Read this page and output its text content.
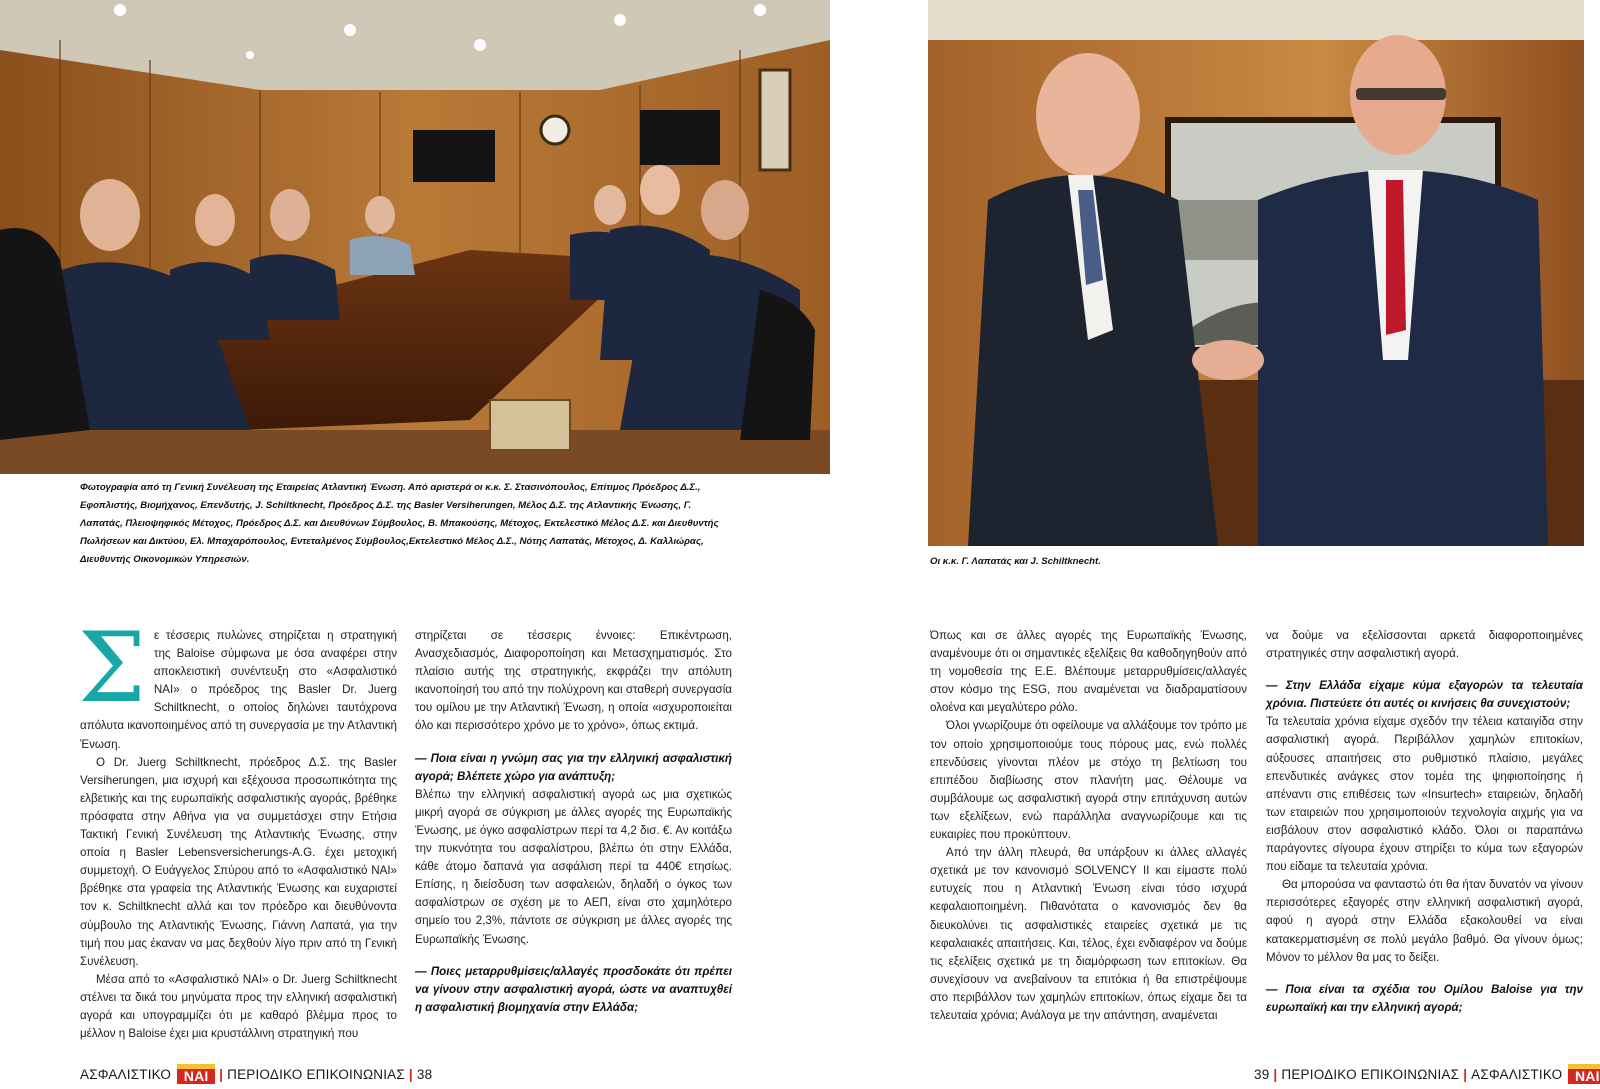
Φωτογραφία από τη Γενική Συνέλευση της Εταιρείας Ατλαντική Ένωση. Από αριστερά οι κ.κ. Σ. Στασινόπουλος, Επίτιμος Πρόεδρος Δ.Σ., Εφοπλιστής, Βιομήχανος, Επενδυτής, J. Schiltknecht, Πρόεδρος Δ.Σ. της Basler Versiherungen, Μέλος Δ.Σ. της Ατλαντικής Ένωσης, Γ. Λαπατάς, Πλειοψηφικός Μέτοχος, Πρόεδρος Δ.Σ. και Διευθύνων Σύμβουλος, Β. Μπακούσης, Μέτοχος, Εκτελεστικό Μέλος Δ.Σ. και Διευθυντής Πωλήσεων και Δικτύου, Ελ. Μπαχαρόπουλος, Εντεταλμένος Σύμβουλος,Εκτελεστικό Μέλος Δ.Σ., Νότης Λαπατάς, Μέτοχος, Δ. Καλλιώρας, Διευθυντής Οικονομικών Υπηρεσιών.	Οι κ.κ. Γ. Λαπατάς και J. Schiltknecht.
Σ ε τέσσερις πυλώνες στηρίζεται η στρατηγική της Baloise σύμφωνα με όσα αναφέρει στην αποκλειστική συνέντευξη στο «Ασφαλιστικό ΝΑΙ» ο πρόεδρος της Basler Dr. Juerg Schiltknecht, ο οποίος δηλώνει ταυτόχρονα απόλυτα ικανοποιημένος από τη συνεργασία με την Ατλαντική Ένωση.

Ο Dr. Juerg Schiltknecht, πρόεδρος Δ.Σ. της Basler Versiherungen, μια ισχυρή και εξέχουσα προσωπικότητα της ελβετικής και της ευρωπαϊκής ασφαλιστικής αγοράς, βρέθηκε πρόσφατα στην Αθήνα για να συμμετάσχει στην Ετήσια Τακτική Γενική Συνέλευση της Ατλαντικής Ένωσης, στην οποία η Basler Lebensversicherungs-A.G. έχει μετοχική συμμετοχή. Ο Ευάγγελος Σπύρου από το «Ασφαλιστικό ΝΑΙ» βρέθηκε στα γραφεία της Ατλαντικής Ένωσης και ευχαριστεί τον κ. Schiltknecht αλλά και τον πρόεδρο και διευθύνοντα σύμβουλο της Ατλαντικής Ένωσης, Γιάννη Λαπατά, για την τιμή που μας έκαναν να μας δεχθούν λίγο πριν από τη Γενική Συνέλευση.

Μέσα από το «Ασφαλιστικό ΝΑΙ» ο Dr. Juerg Schiltknecht στέλνει τα δικά του μηνύματα προς την ελληνική ασφαλιστική αγορά και υπογραμμίζει ότι με καθαρό βλέμμα προς το μέλλον η Baloise έχει μια κρυστάλλινη στρατηγική που

στηρίζεται σε τέσσερις έννοιες: Επικέντρωση, Ανασχεδιασμός, Διαφοροποίηση και Μετασχηματισμός. Στο πλαίσιο αυτής της στρατηγικής, εκφράζει την απόλυτη ικανοποίησή του από την πολύχρονη και σταθερή συνεργασία του ομίλου με την Ατλαντική Ένωση, η οποία «ισχυροποιείται όλο και περισσότερο χρόνο με το χρόνο», όπως εκτιμά.

— Ποια είναι η γνώμη σας για την ελληνική ασφαλιστική αγορά; Βλέπετε χώρο για ανάπτυξη;

Βλέπω την ελληνική ασφαλιστική αγορά ως μια σχετικώς μικρή αγορά σε σύγκριση με άλλες αγορές της Ευρωπαϊκής Ένωσης, με όγκο ασφαλίστρων περί τα 4,2 δισ. €. Αν κοιτάξω την πυκνότητα του ασφαλίστρου, βλέπω ότι στην Ελλάδα, κάθε άτομο δαπανά για ασφάλιση περί τα 440€ ετησίως. Επίσης, η διείσδυση των ασφαλειών, δηλαδή ο όγκος των ασφαλίστρων σε σχέση με το ΑΕΠ, είναι στο χαμηλότερο σημείο του 2,3%, πάντοτε σε σύγκριση με άλλες αγορές της Ευρωπαϊκής Ένωσης.

— Ποιες μεταρρυθμίσεις/αλλαγές προσδοκάτε ότι πρέπει να γίνουν στην ασφαλιστική αγορά, ώστε να αναπτυχθεί η ασφαλιστική βιομηχανία στην Ελλάδα;

Όπως και σε άλλες αγορές της Ευρωπαϊκής Ένωσης, αναμένουμε ότι οι σημαντικές εξελίξεις θα καθοδηγηθούν από τη νομοθεσία της Ε.Ε. Βλέπουμε μεταρρυθμίσεις/αλλαγές στον κόσμο της ESG, που αναμένεται να διαδραματίσουν ολοένα και μεγαλύτερο ρόλο.

Όλοι γνωρίζουμε ότι οφείλουμε να αλλάξουμε τον τρόπο με τον οποίο χρησιμοποιούμε τους πόρους μας, ενώ πολλές επενδύσεις γίνονται πλέον με στόχο τη βελτίωση του επιπέδου διαβίωσης στον πλανήτη μας. Θέλουμε να συμβάλουμε ως ασφαλιστική αγορά στην επιτάχυνση αυτών των εξελίξεων, ενώ παράλληλα αναγνωρίζουμε και τις ευκαιρίες που προκύπτουν.

Από την άλλη πλευρά, θα υπάρξουν κι άλλες αλλαγές σχετικά με τον κανονισμό SOLVENCY II και είμαστε πολύ ευτυχείς που η Ατλαντική Ένωση είναι τόσο ισχυρά κεφαλαιοποιημένη. Πιθανότατα ο κανονισμός δεν θα διευκολύνει τις ασφαλιστικές εταιρείες σχετικά με τις κεφαλαιακές απαιτήσεις. Και, τέλος, έχει ενδιαφέρον να δούμε τις εξελίξεις σχετικά με τη διαμόρφωση των επιτοκίων. Θα συνεχίσουν να ανεβαίνουν τα επιτόκια ή θα επιστρέψουμε στο περιβάλλον των χαμηλών επιτοκίων, όπως είχαμε δει τα τελευταία χρόνια; Ανάλογα με την απάντηση, αναμένεται

να δούμε να εξελίσσονται αρκετά διαφοροποιημένες στρατηγικές στην ασφαλιστική αγορά.

— Στην Ελλάδα είχαμε κύμα εξαγορών τα τελευταία χρόνια. Πιστεύετε ότι αυτές οι κινήσεις θα συνεχιστούν;

Τα τελευταία χρόνια είχαμε σχεδόν την τέλεια καταιγίδα στην ασφαλιστική αγορά. Περιβάλλον χαμηλών επιτοκίων, αύξουσες απαιτήσεις στο ρυθμιστικό πλαίσιο, μεγάλες επενδυτικές ανάγκες στον τομέα της ψηφιοποίησης ή απέναντι στις επιθέσεις των «Insurtech» εταιρειών, δηλαδή των εταιρειών που χρησιμοποιούν τεχνολογία αιχμής για να εισβάλουν στον ασφαλιστικό κλάδο. Όλοι οι παραπάνω παράγοντες σίγουρα έχουν στηρίξει το κύμα των εξαγορών που είδαμε τα τελευταία χρόνια.

Θα μπορούσα να φανταστώ ότι θα ήταν δυνατόν να γίνουν περισσότερες εξαγορές στην ελληνική ασφαλιστική αγορά, αφού η αγορά στην Ελλάδα εξακολουθεί να είναι κατακερματισμένη σε πολύ μεγάλο βαθμό. Θα γίνουν όμως; Μόνον το μέλλον θα μας το δείξει.

— Ποια είναι τα σχέδια του Ομίλου Baloise για την ευρωπαϊκή και την ελληνική αγορά;

ΑΣΦΑΛΙΣΤΙΚΟ ΝΑΙ | ΠΕΡΙΟΔΙΚΟ ΕΠΙΚΟΙΝΩΝΙΑΣ | 38	39 | ΠΕΡΙΟΔΙΚΟ ΕΠΙΚΟΙΝΩΝΙΑΣ | ΑΣΦΑΛΙΣΤΙΚΟ ΝΑΙ
